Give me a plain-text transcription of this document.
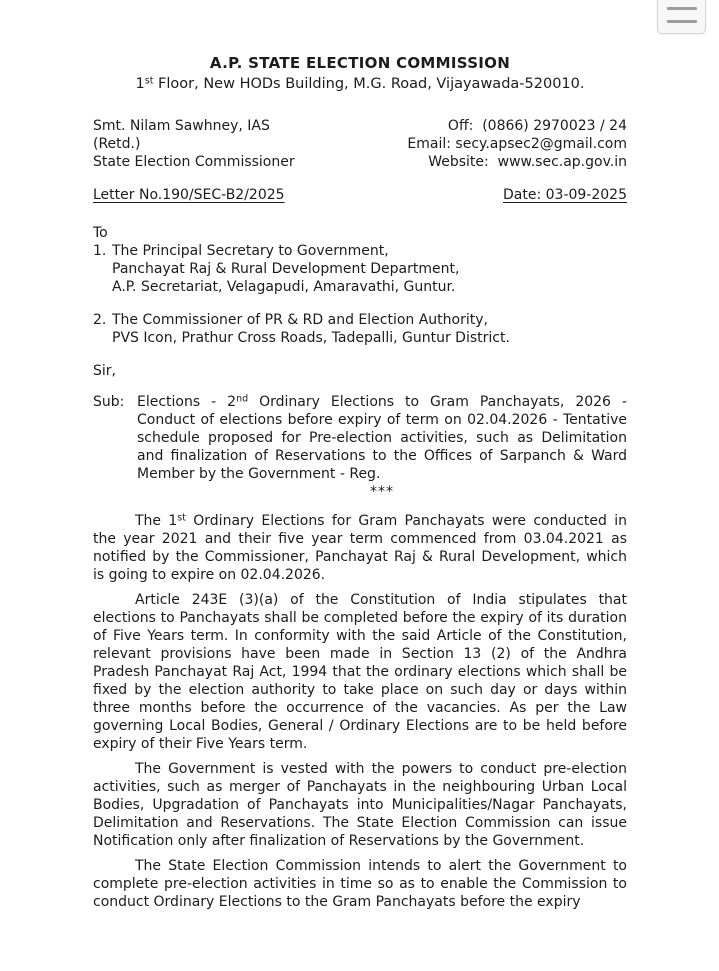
A.P. STATE ELECTION COMMISSION
1st Floor, New HODs Building, M.G. Road, Vijayawada-520010.
Smt. Nilam Sawhney, IAS
(Retd.)
State Election Commissioner
Off:  (0866) 2970023 / 24
Email: secy.apsec2@gmail.com
Website:  www.sec.ap.gov.in
Letter No.190/SEC-B2/2025	Date: 03-09-2025
To
1. The Principal Secretary to Government,
Panchayat Raj & Rural Development Department,
A.P. Secretariat, Velagapudi, Amaravathi, Guntur.
2. The Commissioner of PR & RD and Election Authority,
PVS Icon, Prathur Cross Roads, Tadepalli, Guntur District.
Sir,
Sub: Elections - 2nd Ordinary Elections to Gram Panchayats, 2026 - Conduct of elections before expiry of term on 02.04.2026 - Tentative schedule proposed for Pre-election activities, such as Delimitation and finalization of Reservations to the Offices of Sarpanch & Ward Member by the Government - Reg.
***

The 1st Ordinary Elections for Gram Panchayats were conducted in the year 2021 and their five year term commenced from 03.04.2021 as notified by the Commissioner, Panchayat Raj & Rural Development, which is going to expire on 02.04.2026.

Article 243E (3)(a) of the Constitution of India stipulates that elections to Panchayats shall be completed before the expiry of its duration of Five Years term. In conformity with the said Article of the Constitution, relevant provisions have been made in Section 13 (2) of the Andhra Pradesh Panchayat Raj Act, 1994 that the ordinary elections which shall be fixed by the election authority to take place on such day or days within three months before the occurrence of the vacancies. As per the Law governing Local Bodies, General / Ordinary Elections are to be held before expiry of their Five Years term.

The Government is vested with the powers to conduct pre-election activities, such as merger of Panchayats in the neighbouring Urban Local Bodies, Upgradation of Panchayats into Municipalities/Nagar Panchayats, Delimitation and Reservations. The State Election Commission can issue Notification only after finalization of Reservations by the Government.

The State Election Commission intends to alert the Government to complete pre-election activities in time so as to enable the Commission to conduct Ordinary Elections to the Gram Panchayats before the expiry
